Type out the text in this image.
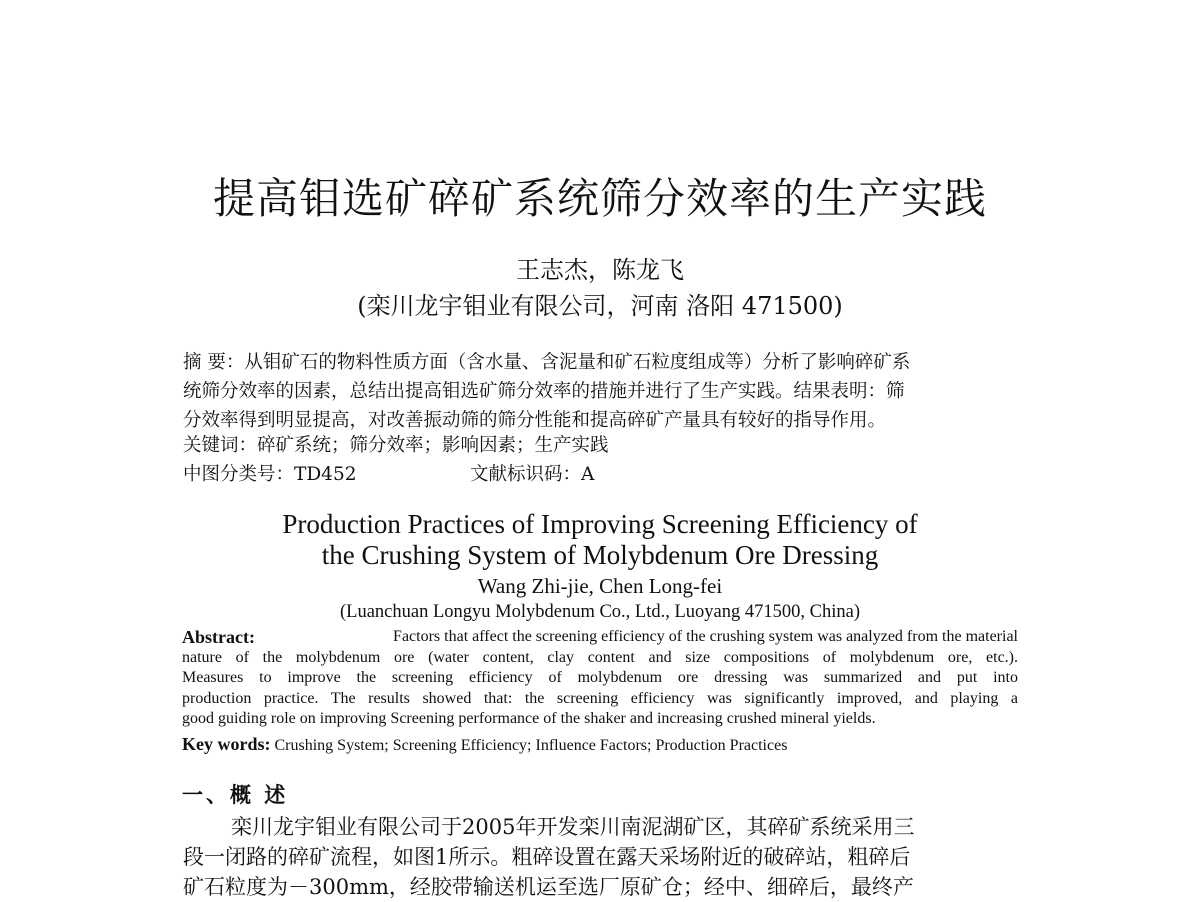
提高钼选矿碎矿系统筛分效率的生产实践
王志杰，陈龙飞
(栾川龙宇钼业有限公司，河南 洛阳 471500)
摘 要：从钼矿石的物料性质方面（含水量、含泥量和矿石粒度组成等）分析了影响碎矿系
统筛分效率的因素，总结出提高钼选矿筛分效率的措施并进行了生产实践。结果表明：筛
分效率得到明显提高，对改善振动筛的筛分性能和提高碎矿产量具有较好的指导作用。
关键词：碎矿系统；筛分效率；影响因素；生产实践
中图分类号：TD452	文献标识码：A
Production Practices of Improving Screening Efficiency of
the Crushing System of Molybdenum Ore Dressing
Wang Zhi-jie, Chen Long-fei
(Luanchuan Longyu Molybdenum Co., Ltd., Luoyang 471500, China)
Abstract:	Factors that affect the screening efficiency of the crushing system was analyzed from the material
nature of the molybdenum ore (water content, clay content and size compositions of molybdenum ore, etc.).
Measures to improve the screening efficiency of molybdenum ore dressing was summarized and put into
production practice. The results showed that: the screening efficiency was significantly improved, and playing a
good guiding role on improving Screening performance of the shaker and increasing crushed mineral yields.
Key words: Crushing System; Screening Efficiency; Influence Factors; Production Practices
一、概 述
栾川龙宇钼业有限公司于2005年开发栾川南泥湖矿区，其碎矿系统采用三
段一闭路的碎矿流程，如图1所示。粗碎设置在露天采场附近的破碎站，粗碎后
矿石粒度为－300mm，经胶带输送机运至选厂原矿仓；经中、细碎后，最终产
